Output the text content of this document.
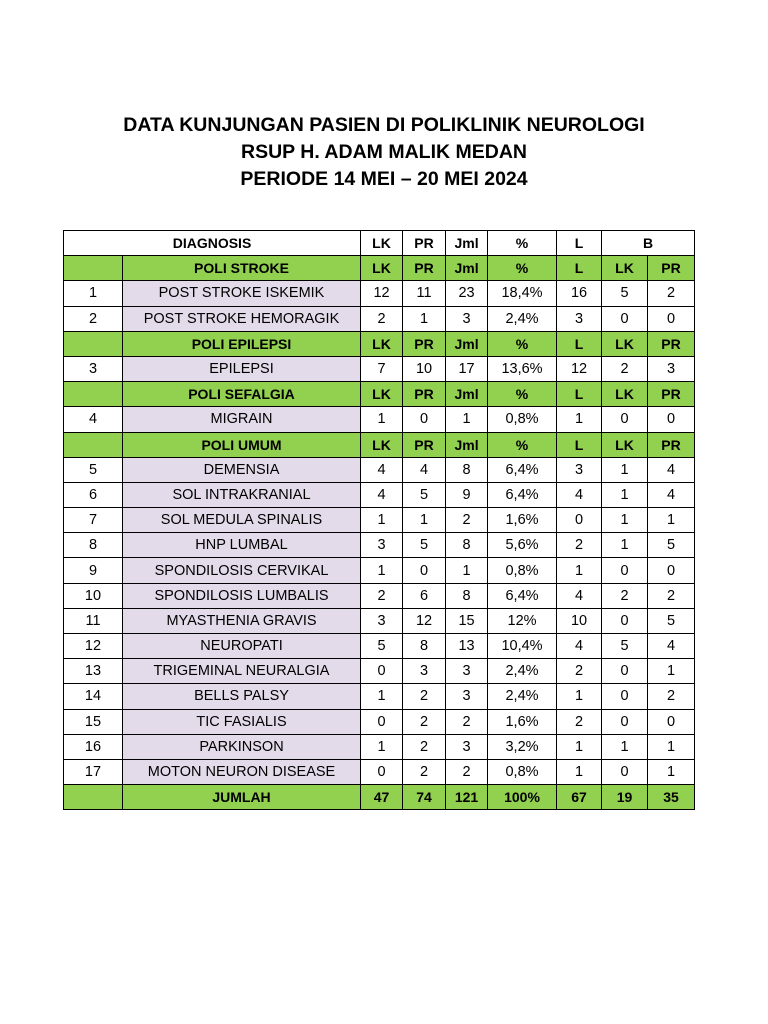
DATA KUNJUNGAN PASIEN DI POLIKLINIK NEUROLOGI
RSUP H. ADAM MALIK MEDAN
PERIODE 14 MEI – 20 MEI 2024
DIAGNOSIS		LK	PR	Jml	%	L	B	
	POLI STROKE	LK	PR	Jml	%	L	LK	PR
1	POST STROKE ISKEMIK	12	11	23	18,4%	16	5	2
2	POST STROKE HEMORAGIK	2	1	3	2,4%	3	0	0
	POLI EPILEPSI	LK	PR	Jml	%	L	LK	PR
3	EPILEPSI	7	10	17	13,6%	12	2	3
	POLI SEFALGIA	LK	PR	Jml	%	L	LK	PR
4	MIGRAIN	1	0	1	0,8%	1	0	0
	POLI UMUM	LK	PR	Jml	%	L	LK	PR
5	DEMENSIA	4	4	8	6,4%	3	1	4
6	SOL INTRAKRANIAL	4	5	9	6,4%	4	1	4
7	SOL MEDULA SPINALIS	1	1	2	1,6%	0	1	1
8	HNP LUMBAL	3	5	8	5,6%	2	1	5
9	SPONDILOSIS CERVIKAL	1	0	1	0,8%	1	0	0
10	SPONDILOSIS LUMBALIS	2	6	8	6,4%	4	2	2
11	MYASTHENIA GRAVIS	3	12	15	12%	10	0	5
12	NEUROPATI	5	8	13	10,4%	4	5	4
13	TRIGEMINAL NEURALGIA	0	3	3	2,4%	2	0	1
14	BELLS PALSY	1	2	3	2,4%	1	0	2
15	TIC FASIALIS	0	2	2	1,6%	2	0	0
16	PARKINSON	1	2	3	3,2%	1	1	1
17	MOTON NEURON DISEASE	0	2	2	0,8%	1	0	1
	JUMLAH	47	74	121	100%	67	19	35
